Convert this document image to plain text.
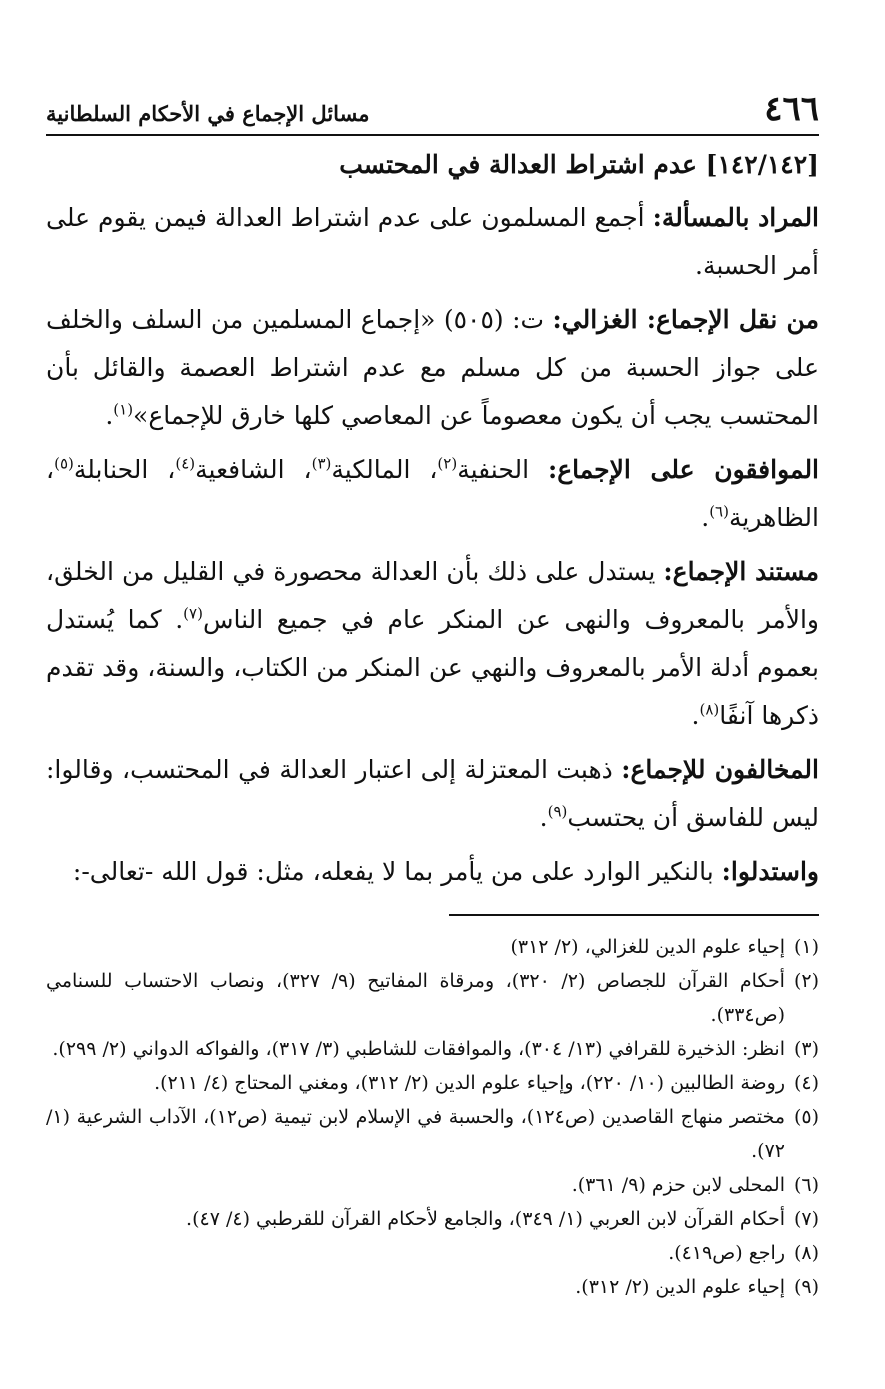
٤٦٦
مسائل الإجماع في الأحكام السلطانية

[١٤٢/١٤٢] عدم اشتراط العدالة في المحتسب

المراد بالمسألة: أجمع المسلمون على عدم اشتراط العدالة فيمن يقوم على أمر الحسبة.

من نقل الإجماع: الغزالي: ت: (٥٠٥) «إجماع المسلمين من السلف والخلف على جواز الحسبة من كل مسلم مع عدم اشتراط العصمة والقائل بأن المحتسب يجب أن يكون معصوماً عن المعاصي كلها خارق للإجماع»$^{(١)}$.

الموافقون على الإجماع: الحنفية$^{(٢)}$، المالكية$^{(٣)}$، الشافعية$^{(٤)}$، الحنابلة$^{(٥)}$، الظاهرية$^{(٦)}$.

مستند الإجماع: يستدل على ذلك بأن العدالة محصورة في القليل من الخلق، والأمر بالمعروف والنهى عن المنكر عام في جميع الناس$^{(٧)}$. كما يُستدل بعموم أدلة الأمر بالمعروف والنهي عن المنكر من الكتاب، والسنة، وقد تقدم ذكرها آنفًا$^{(٨)}$.

المخالفون للإجماع: ذهبت المعتزلة إلى اعتبار العدالة في المحتسب، وقالوا: ليس للفاسق أن يحتسب$^{(٩)}$.

واستدلوا: بالنكير الوارد على من يأمر بما لا يفعله، مثل: قول الله -تعالى-:

(١)
إحياء علوم الدين للغزالي، (٢/ ٣١٢)

(٢)
أحكام القرآن للجصاص (٢/ ٣٢٠)، ومرقاة المفاتيح (٩/ ٣٢٧)، ونصاب الاحتساب للسنامي (ص٣٣٤).

(٣)
انظر: الذخيرة للقرافي (١٣/ ٣٠٤)، والموافقات للشاطبي (٣/ ٣١٧)، والفواكه الدواني (٢/ ٢٩٩).

(٤)
روضة الطالبين (١٠/ ٢٢٠)، وإحياء علوم الدين (٢/ ٣١٢)، ومغني المحتاج (٤/ ٢١١).

(٥)
مختصر منهاج القاصدين (ص١٢٤)، والحسبة في الإسلام لابن تيمية (ص١٢)، الآداب الشرعية (١/ ٧٢).

(٦)
المحلى لابن حزم (٩/ ٣٦١).

(٧)
أحكام القرآن لابن العربي (١/ ٣٤٩)، والجامع لأحكام القرآن للقرطبي (٤/ ٤٧).

(٨)
راجع (ص٤١٩).

(٩)
إحياء علوم الدين (٢/ ٣١٢).
